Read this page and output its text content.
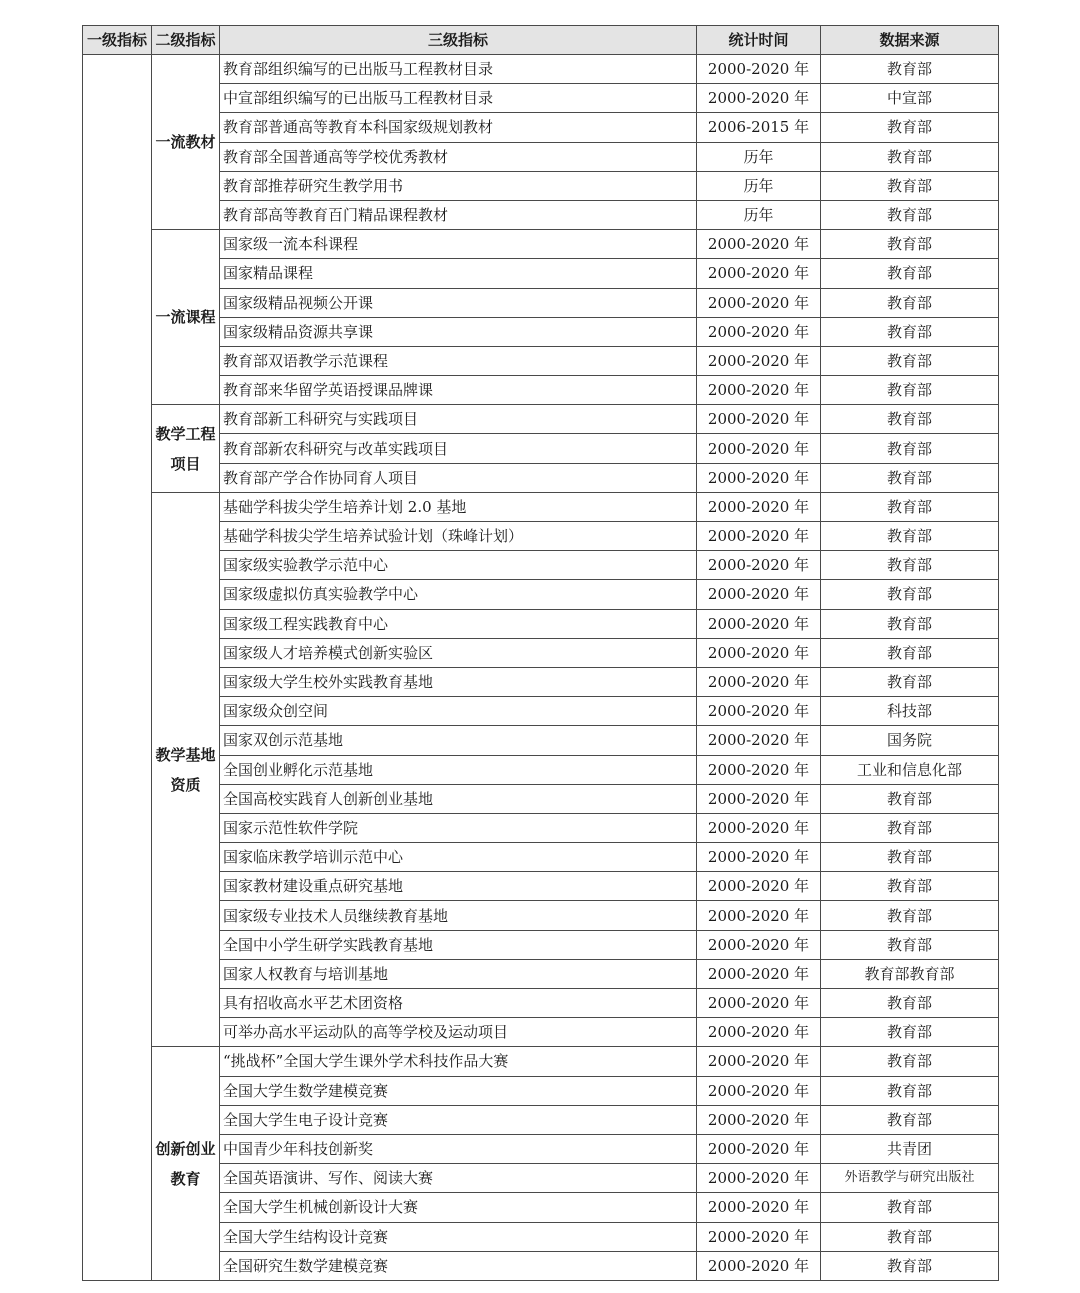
一级指标	二级指标	三级指标	统计时间	数据来源
	一流教材	教育部组织编写的已出版马工程教材目录	2000-2020 年	教育部
		中宣部组织编写的已出版马工程教材目录	2000-2020 年	中宣部
		教育部普通高等教育本科国家级规划教材	2006-2015 年	教育部
		教育部全国普通高等学校优秀教材	历年	教育部
		教育部推荐研究生教学用书	历年	教育部
		教育部高等教育百门精品课程教材	历年	教育部
	一流课程	国家级一流本科课程	2000-2020 年	教育部
		国家精品课程	2000-2020 年	教育部
		国家级精品视频公开课	2000-2020 年	教育部
		国家级精品资源共享课	2000-2020 年	教育部
		教育部双语教学示范课程	2000-2020 年	教育部
		教育部来华留学英语授课品牌课	2000-2020 年	教育部
	教学工程项目	教育部新工科研究与实践项目	2000-2020 年	教育部
		教育部新农科研究与改革实践项目	2000-2020 年	教育部
		教育部产学合作协同育人项目	2000-2020 年	教育部
	教学基地资质	基础学科拔尖学生培养计划 2.0 基地	2000-2020 年	教育部
		基础学科拔尖学生培养试验计划（珠峰计划）	2000-2020 年	教育部
		国家级实验教学示范中心	2000-2020 年	教育部
		国家级虚拟仿真实验教学中心	2000-2020 年	教育部
		国家级工程实践教育中心	2000-2020 年	教育部
		国家级人才培养模式创新实验区	2000-2020 年	教育部
		国家级大学生校外实践教育基地	2000-2020 年	教育部
		国家级众创空间	2000-2020 年	科技部
		国家双创示范基地	2000-2020 年	国务院
		全国创业孵化示范基地	2000-2020 年	工业和信息化部
		全国高校实践育人创新创业基地	2000-2020 年	教育部
		国家示范性软件学院	2000-2020 年	教育部
		国家临床教学培训示范中心	2000-2020 年	教育部
		国家教材建设重点研究基地	2000-2020 年	教育部
		国家级专业技术人员继续教育基地	2000-2020 年	教育部
		全国中小学生研学实践教育基地	2000-2020 年	教育部
		国家人权教育与培训基地	2000-2020 年	教育部教育部
		具有招收高水平艺术团资格	2000-2020 年	教育部
		可举办高水平运动队的高等学校及运动项目	2000-2020 年	教育部
	创新创业教育	“挑战杯”全国大学生课外学术科技作品大赛	2000-2020 年	教育部
		全国大学生数学建模竞赛	2000-2020 年	教育部
		全国大学生电子设计竞赛	2000-2020 年	教育部
		中国青少年科技创新奖	2000-2020 年	共青团
		全国英语演讲、写作、阅读大赛	2000-2020 年	外语教学与研究出版社
		全国大学生机械创新设计大赛	2000-2020 年	教育部
		全国大学生结构设计竞赛	2000-2020 年	教育部
		全国研究生数学建模竞赛	2000-2020 年	教育部
